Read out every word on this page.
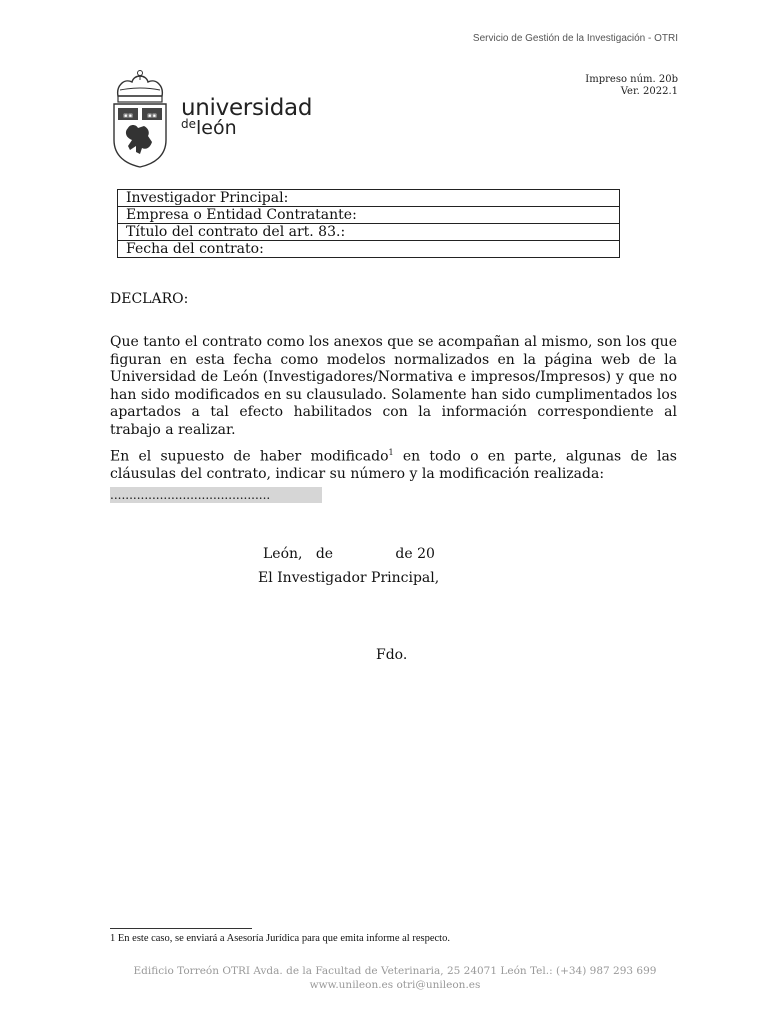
Servicio de Gestión de la Investigación - OTRI
Impreso núm. 20b
Ver. 2022.1
▣▣	▣▣ universidad
$^{de}$león
Investigador Principal:
Empresa o Entidad Contratante:
Título del contrato del art. 83.:
Fecha del contrato:
DECLARO:
Que tanto el contrato como los anexos que se acompañan al mismo, son los que figuran en esta fecha como modelos normalizados en la página web de la Universidad de León (Investigadores/Normativa e impresos/Impresos) y que no han sido modificados en su clausulado. Solamente han sido cumplimentados los apartados a tal efecto habilitados con la información correspondiente al trabajo a realizar.
En el supuesto de haber modificado$^1$ en todo o en parte, algunas de las cláusulas del contrato, indicar su número y la modificación realizada:
..........................................
León,   de              de 20
El Investigador Principal,
Fdo.
1 En este caso, se enviará a Asesoría Jurídica para que emita informe al respecto.
Edificio Torreón OTRI Avda. de la Facultad de Veterinaria, 25 24071 León Tel.: (+34) 987 293 699
www.unileon.es otri@unileon.es
